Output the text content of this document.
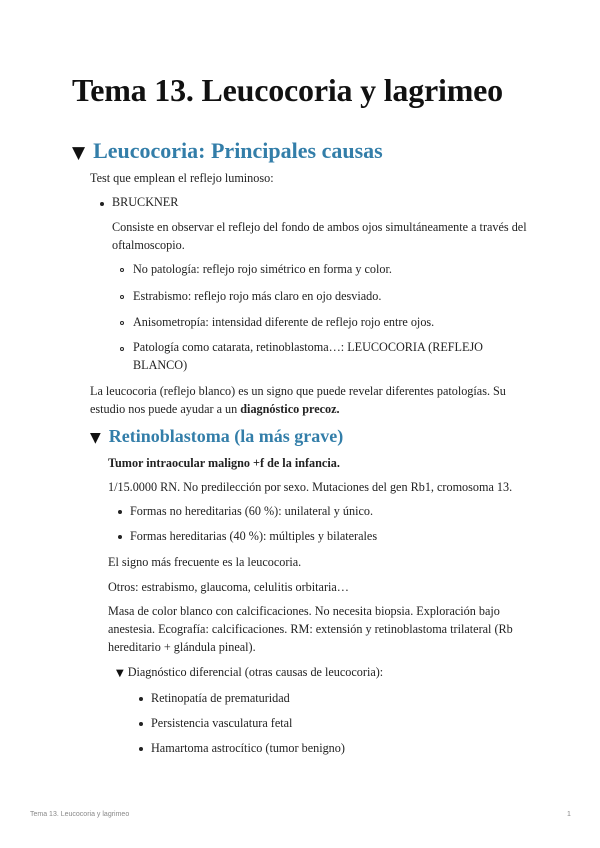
Tema 13. Leucocoria y lagrimeo
▼ Leucocoria: Principales causas
Test que emplean el reflejo luminoso:
BRUCKNER
Consiste en observar el reflejo del fondo de ambos ojos simultáneamente a través del
oftalmoscopio.
No patología: reflejo rojo simétrico en forma y color.
Estrabismo: reflejo rojo más claro en ojo desviado.
Anisometropía: intensidad diferente de reflejo rojo entre ojos.
Patología como catarata, retinoblastoma…: LEUCOCORIA (REFLEJO
BLANCO)
La leucocoria (reflejo blanco) es un signo que puede revelar diferentes patologías. Su
estudio nos puede ayudar a un diagnóstico precoz.
▼ Retinoblastoma (la más grave)
Tumor intraocular maligno +f de la infancia.
1/15.0000 RN. No predilección por sexo. Mutaciones del gen Rb1, cromosoma 13.
Formas no hereditarias (60 %): unilateral y único.
Formas hereditarias (40 %): múltiples y bilaterales
El signo más frecuente es la leucocoria.
Otros: estrabismo, glaucoma, celulitis orbitaria…
Masa de color blanco con calcificaciones. No necesita biopsia. Exploración bajo
anestesia. Ecografía: calcificaciones. RM: extensión y retinoblastoma trilateral (Rb
hereditario + glándula pineal).
▼ Diagnóstico diferencial (otras causas de leucocoria):
Retinopatía de prematuridad
Persistencia vasculatura fetal
Hamartoma astrocítico (tumor benigno)
Tema 13. Leucocoria y lagrimeo	1
